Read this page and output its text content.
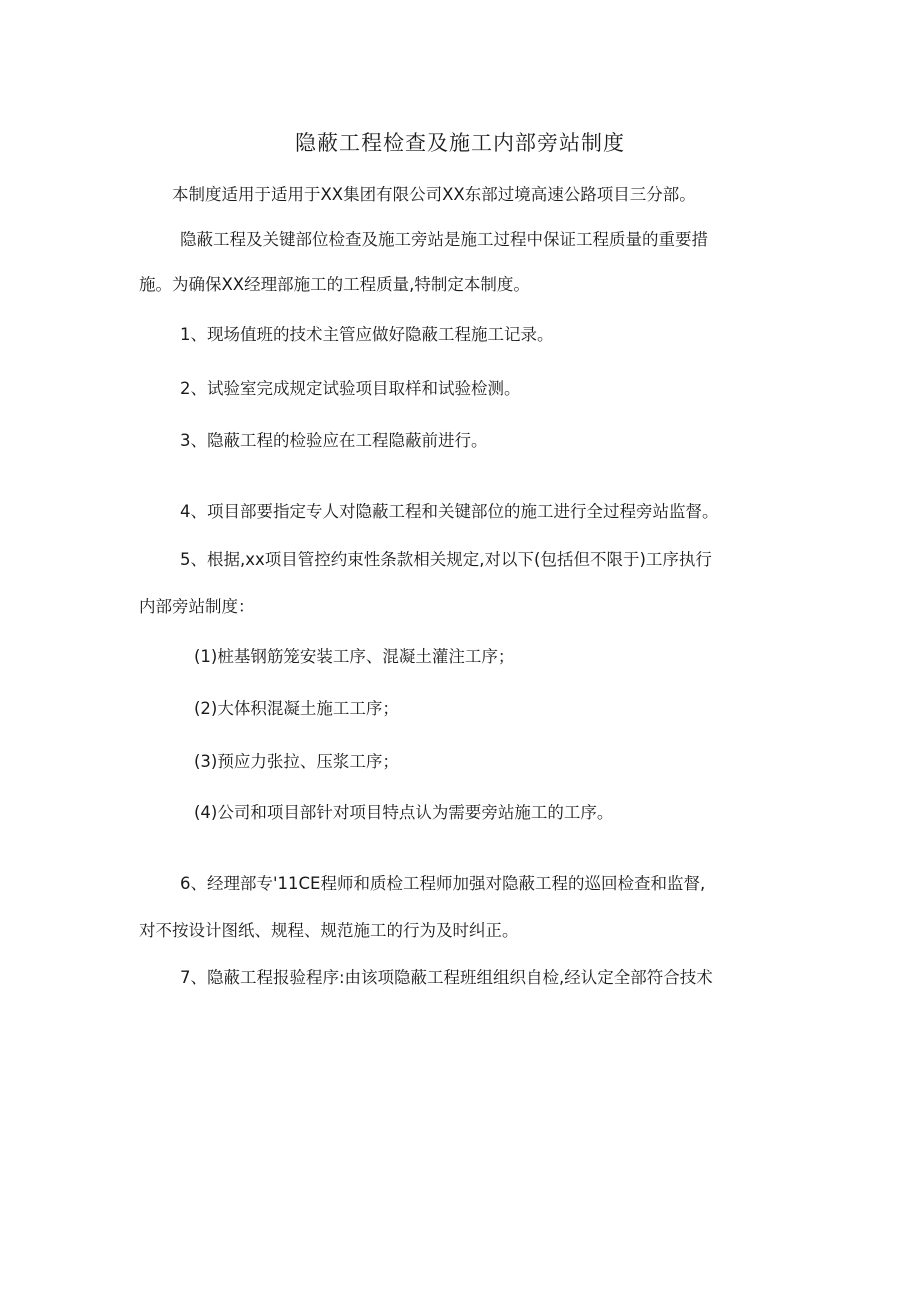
隐蔽工程检查及施工内部旁站制度

本制度适用于适用于XX集团有限公司XX东部过境高速公路项目三分部。

隐蔽工程及关键部位检查及施工旁站是施工过程中保证工程质量的重要措

施。为确保XX经理部施工的工程质量,特制定本制度。

1、现场值班的技术主管应做好隐蔽工程施工记录。

2、试验室完成规定试验项目取样和试验检测。

3、隐蔽工程的检验应在工程隐蔽前进行。

4、项目部要指定专人对隐蔽工程和关键部位的施工进行全过程旁站监督。

5、根据,xx项目管控约束性条款相关规定,对以下(包括但不限于)工序执行

内部旁站制度：

(1)桩基钢筋笼安装工序、混凝土灌注工序；

(2)大体积混凝土施工工序；

(3)预应力张拉、压浆工序；

(4)公司和项目部针对项目特点认为需要旁站施工的工序。

6、经理部专'11CE程师和质检工程师加强对隐蔽工程的巡回检查和监督,

对不按设计图纸、规程、规范施工的行为及时纠正。

7、隐蔽工程报验程序:由该项隐蔽工程班组组织自检,经认定全部符合技术
